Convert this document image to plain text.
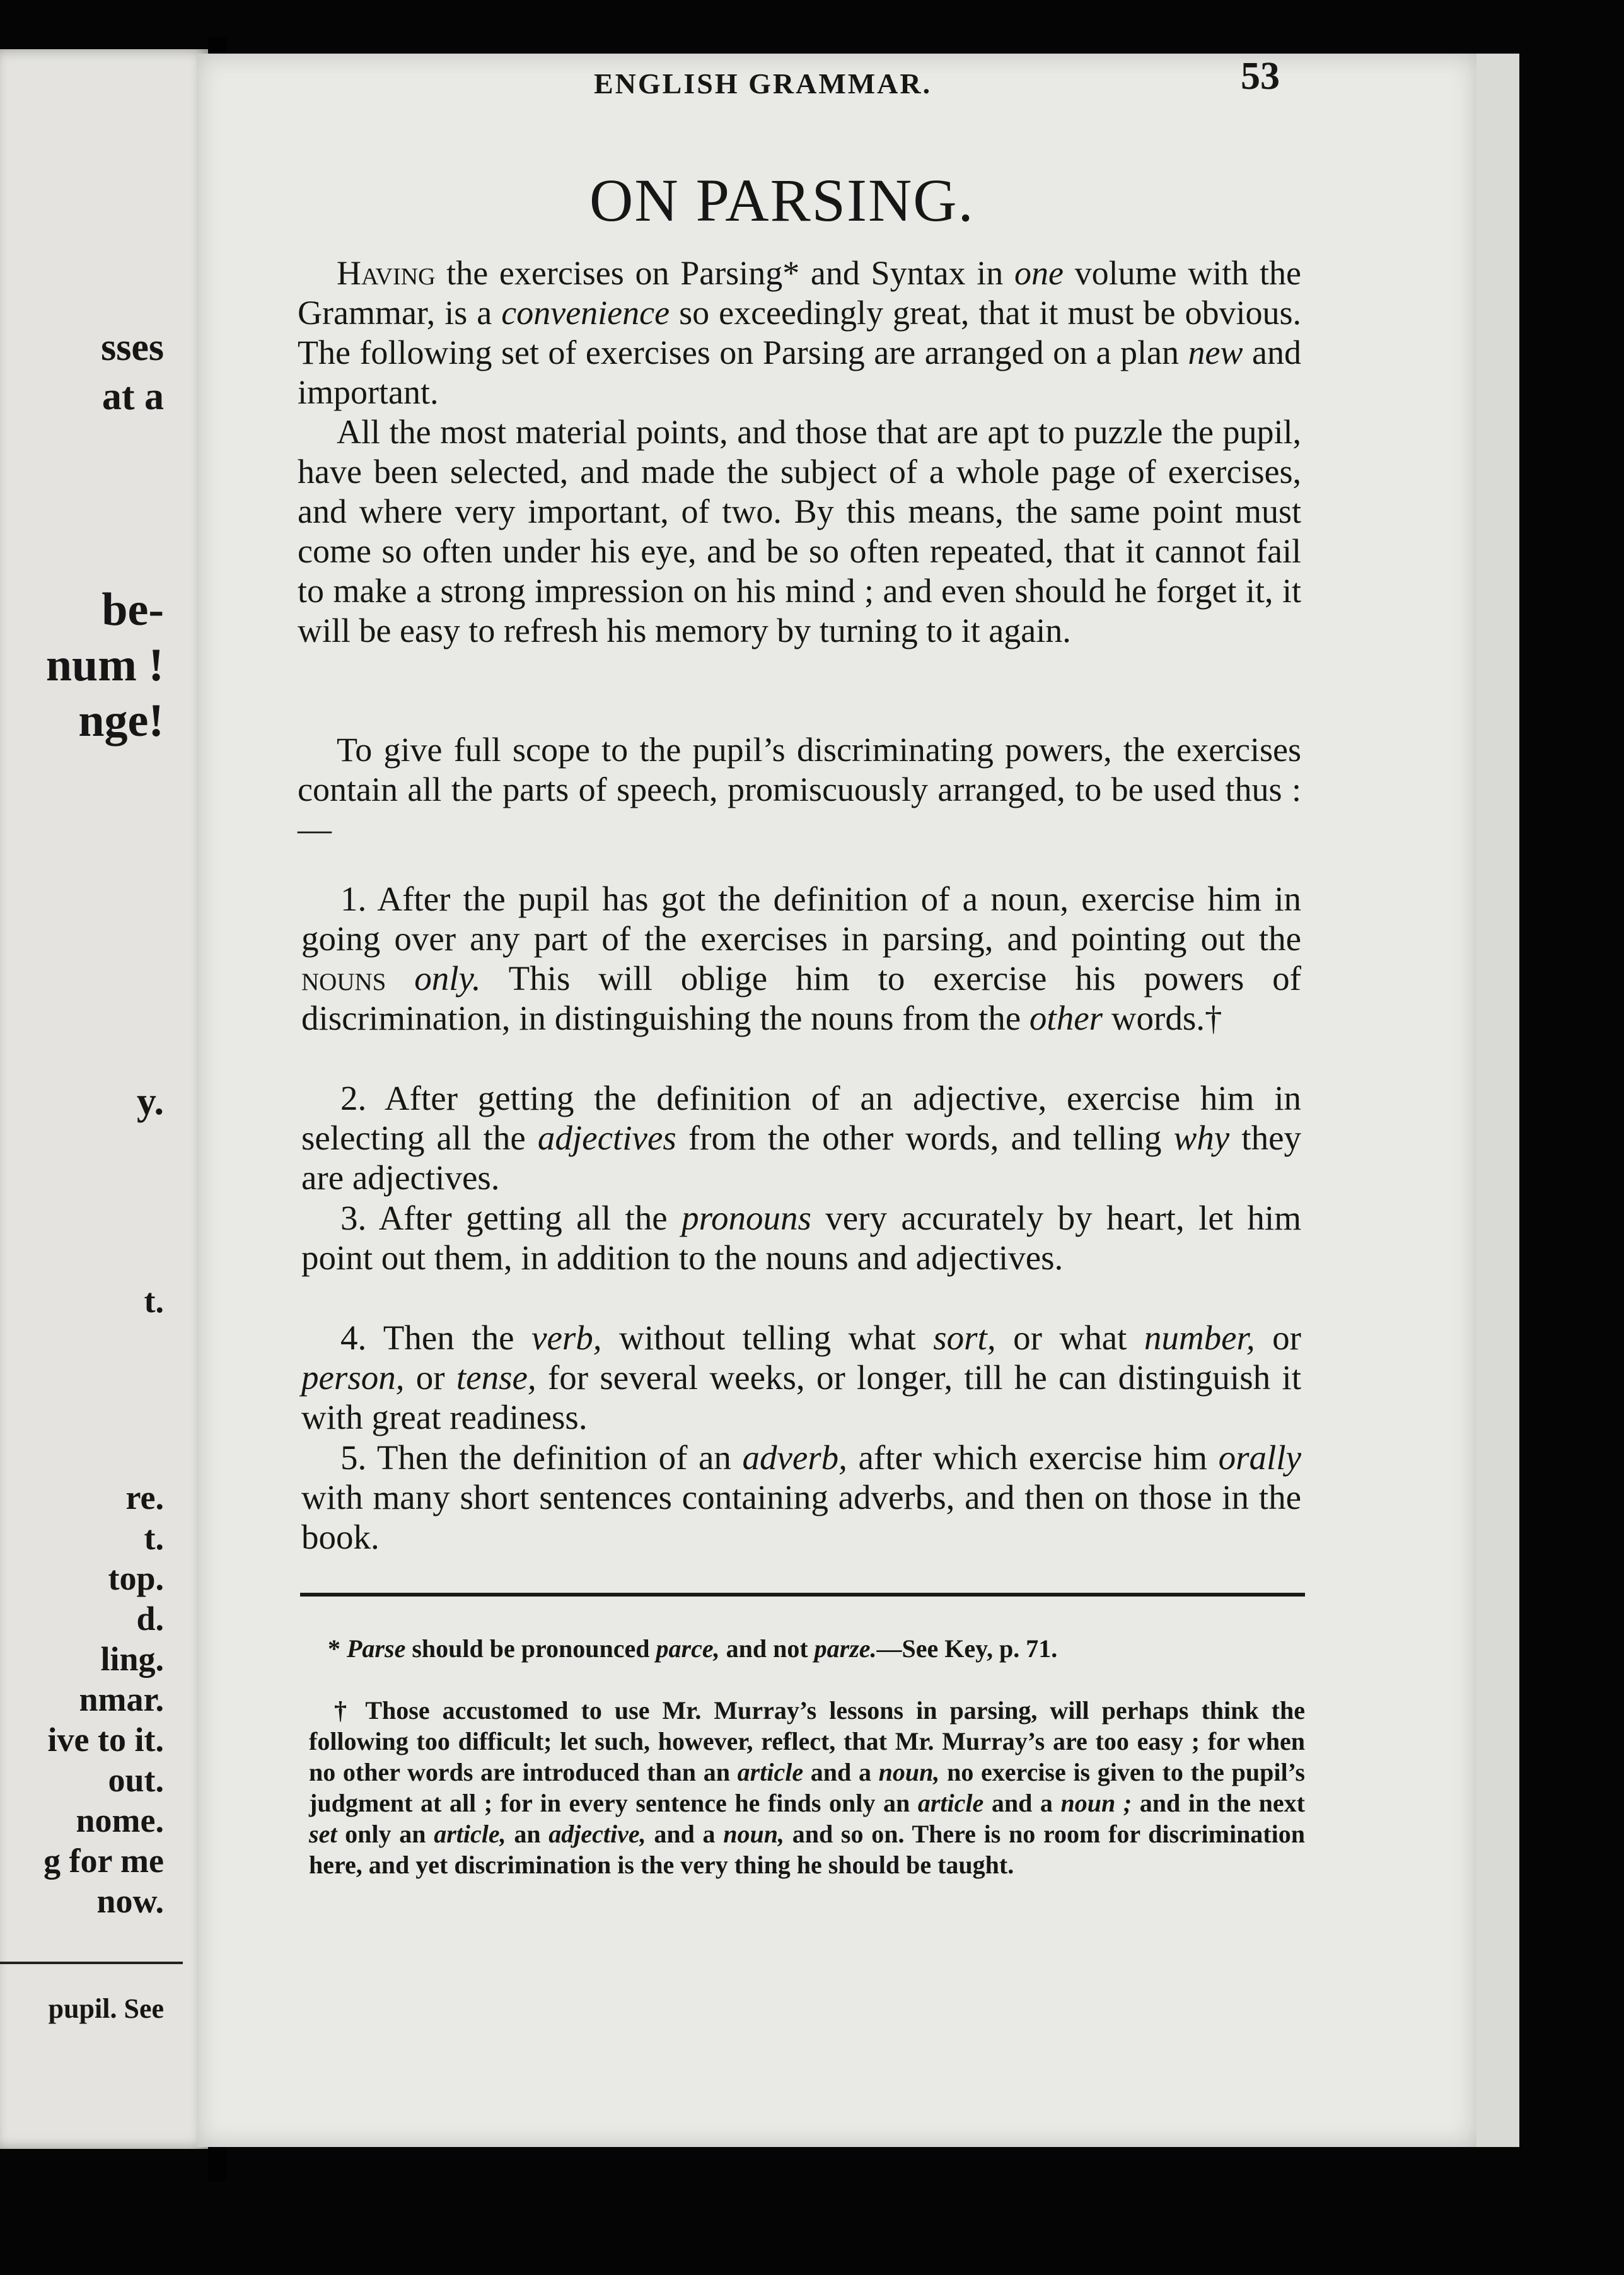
sses
at a
be-
num !
nge!
y.
t.
re.
t.
top.
d.
ling.
nmar.
ive to it.
out.
nome.
g for me
now.
pupil. See
ENGLISH GRAMMAR.	53
ON PARSING.

Having the exercises on Parsing* and Syntax in one volume with the Grammar, is a convenience so exceedingly great, that it must be obvious. The following set of exercises on Parsing are arranged on a plan new and important.

All the most material points, and those that are apt to puzzle the pupil, have been selected, and made the subject of a whole page of exercises, and where very important, of two. By this means, the same point must come so often under his eye, and be so often repeated, that it cannot fail to make a strong impression on his mind ; and even should he forget it, it will be easy to refresh his memory by turning to it again.

To give full scope to the pupil’s discriminating powers, the exercises contain all the parts of speech, promiscuously arranged, to be used thus :—

1. After the pupil has got the definition of a noun, exercise him in going over any part of the exercises in parsing, and pointing out the nouns only. This will oblige him to exercise his powers of discrimination, in distinguishing the nouns from the other words.†

2. After getting the definition of an adjective, exercise him in selecting all the adjectives from the other words, and telling why they are adjectives.

3. After getting all the pronouns very accurately by heart, let him point out them, in addition to the nouns and adjectives.

4. Then the verb, without telling what sort, or what number, or person, or tense, for several weeks, or longer, till he can distinguish it with great readiness.

5. Then the definition of an adverb, after which exercise him orally with many short sentences containing adverbs, and then on those in the book.

* Parse should be pronounced parce, and not parze.—See Key, p. 71.

† Those accustomed to use Mr. Murray’s lessons in parsing, will perhaps think the following too difficult; let such, however, reflect, that Mr. Murray’s are too easy ; for when no other words are introduced than an article and a noun, no exercise is given to the pupil’s judgment at all ; for in every sentence he finds only an article and a noun ; and in the next set only an article, an adjective, and a noun, and so on. There is no room for discrimination here, and yet discrimination is the very thing he should be taught.
